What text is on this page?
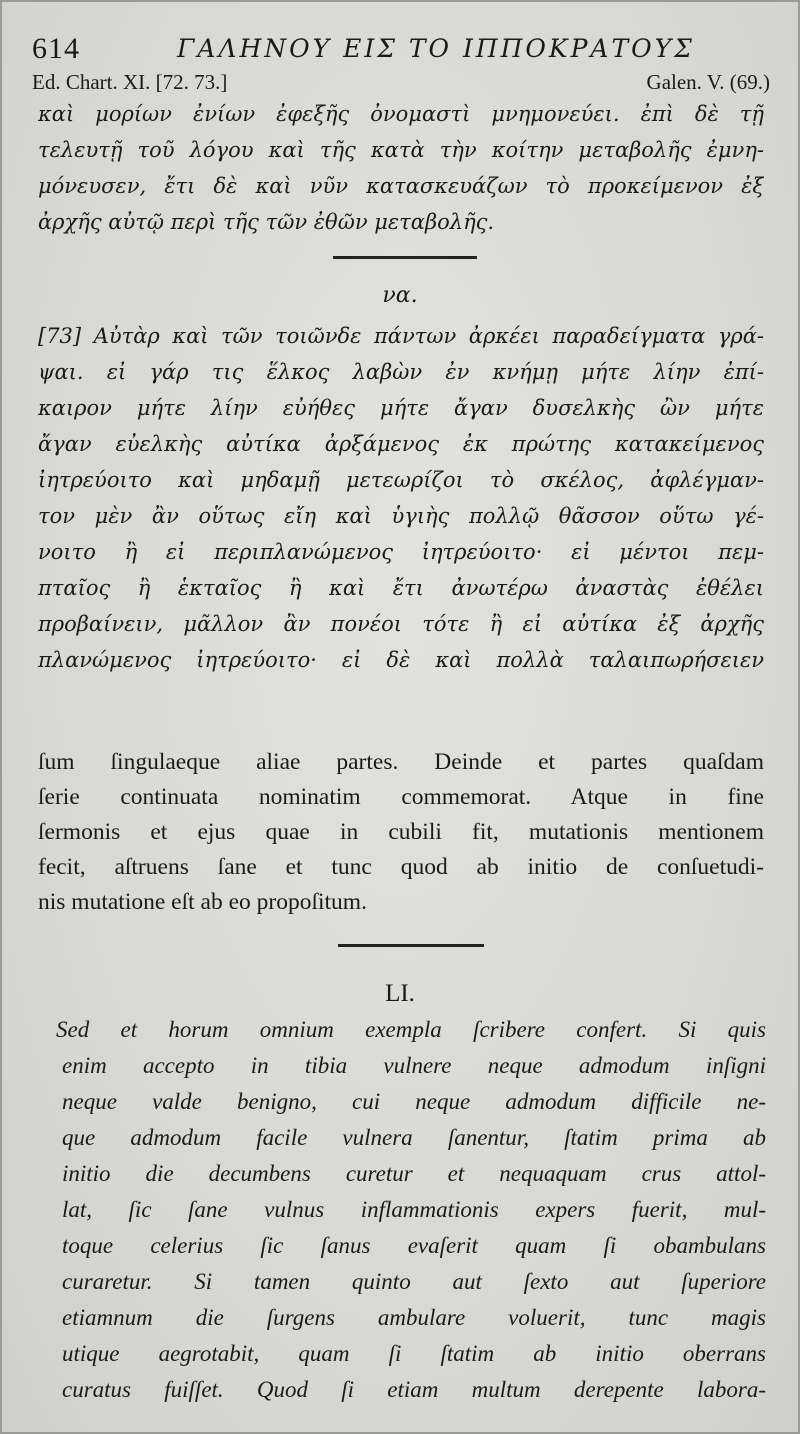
614	ΓΑΛΗΝΟΥ ΕΙΣ ΤΟ ΙΠΠΟΚΡΑΤΟΥΣ
Ed. Chart. XI. [72. 73.]	Galen. V. (69.)
καὶ μορίων ἐνίων ἐφεξῆς ὀνομαστὶ μνημονεύει. ἐπὶ δὲ τῇ
τελευτῇ τοῦ λόγου καὶ τῆς κατὰ τὴν κοίτην μεταβολῆς ἐμνη-
μόνευσεν, ἔτι δὲ καὶ νῦν κατασκευάζων τὸ προκείμενον ἐξ
ἀρχῆς αὐτῷ περὶ τῆς τῶν ἐθῶν μεταβολῆς.
να.
[73] Αὐτὰρ καὶ τῶν τοιῶνδε πάντων ἀρκέει παραδείγματα γρά-
ψαι. εἰ γάρ τις ἕλκος λαβὼν ἐν κνήμῃ μήτε λίην ἐπί-
καιρον μήτε λίην εὐήθες μήτε ἄγαν δυσελκὴς ὢν μήτε
ἄγαν εὐελκὴς αὐτίκα ἀρξάμενος ἐκ πρώτης κατακείμενος
ἰητρεύοιτο καὶ μηδαμῇ μετεωρίζοι τὸ σκέλος, ἀφλέγμαν-
τον μὲν ἂν οὕτως εἴη καὶ ὑγιὴς πολλῷ θᾶσσον οὕτω γέ-
νοιτο ἢ εἰ περιπλανώμενος ἰητρεύοιτο· εἰ μέντοι πεμ-
πταῖος ἢ ἑκταῖος ἢ καὶ ἔτι ἀνωτέρω ἀναστὰς ἐθέλει
προβαίνειν, μᾶλλον ἂν πονέοι τότε ἢ εἰ αὐτίκα ἐξ ἀρχῆς
πλανώμενος ἰητρεύοιτο· εἰ δὲ καὶ πολλὰ ταλαιπωρήσειεν
ſum ſingulaeque aliae partes. Deinde et partes quaſdam
ſerie continuata nominatim commemorat. Atque in fine
ſermonis et ejus quae in cubili fit, mutationis mentionem
fecit, aſtruens ſane et tunc quod ab initio de conſuetudi-
nis mutatione eſt ab eo propoſitum.
LI.
Sed et horum omnium exempla ſcribere confert. Si quis
enim accepto in tibia vulnere neque admodum inſigni
neque valde benigno, cui neque admodum difficile ne-
que admodum facile vulnera ſanentur, ſtatim prima ab
initio die decumbens curetur et nequaquam crus attol-
lat, ſic ſane vulnus inflammationis expers fuerit, mul-
toque celerius ſic ſanus evaſerit quam ſi obambulans
curaretur. Si tamen quinto aut ſexto aut ſuperiore
etiamnum die ſurgens ambulare voluerit, tunc magis
utique aegrotabit, quam ſi ſtatim ab initio oberrans
curatus fuiſſet. Quod ſi etiam multum derepente labora-
